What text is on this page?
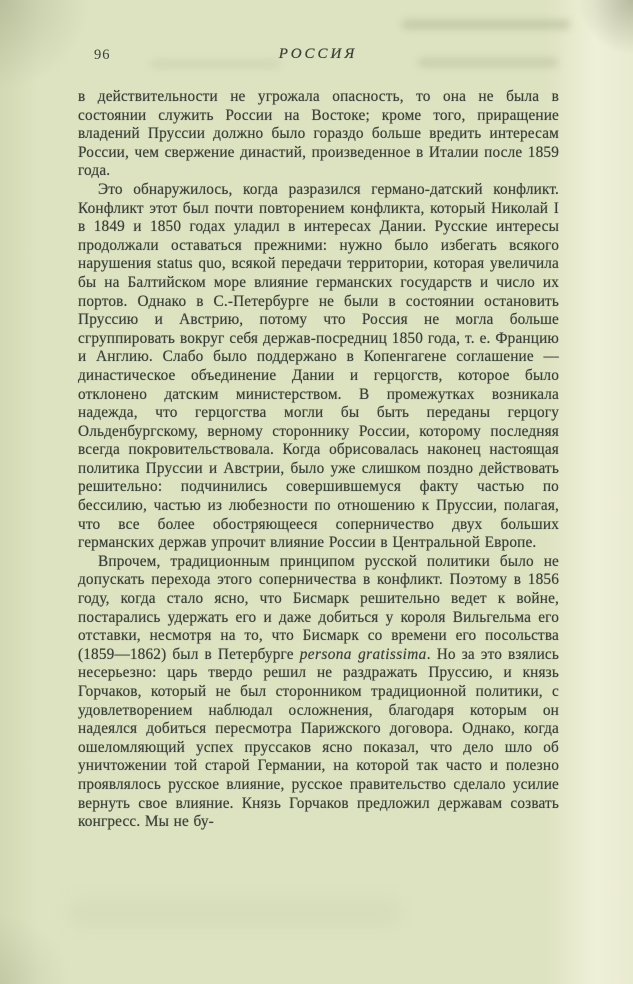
96	РОССИЯ

в действительности не угрожала опасность, то она не была в состоянии служить России на Востоке; кроме того, приращение владений Пруссии должно было гораздо больше вредить интересам России, чем свержение династий, произведенное в Италии после 1859 года.

Это обнаружилось, когда разразился германо-датский конфликт. Конфликт этот был почти повторением конфликта, который Николай I в 1849 и 1850 годах уладил в интересах Дании. Русские интересы продолжали оставаться прежними: нужно было избегать всякого нарушения status quo, всякой передачи территории, которая увеличила бы на Балтийском море влияние германских государств и число их портов. Однако в С.-Петербурге не были в состоянии остановить Пруссию и Австрию, потому что Россия не могла больше сгруппировать вокруг себя держав-посредниц 1850 года, т. е. Францию и Англию. Слабо было поддержано в Копенгагене соглашение — династическое объединение Дании и герцогств, которое было отклонено датским министерством. В промежутках возникала надежда, что герцогства могли бы быть переданы герцогу Ольденбургскому, верному стороннику России, которому последняя всегда покровительствовала. Когда обрисовалась наконец настоящая политика Пруссии и Австрии, было уже слишком поздно действовать решительно: подчинились совершившемуся факту частью по бессилию, частью из любезности по отношению к Пруссии, полагая, что все более обостряющееся соперничество двух больших германских держав упрочит влияние России в Центральной Европе.

Впрочем, традиционным принципом русской политики было не допускать перехода этого соперничества в конфликт. Поэтому в 1856 году, когда стало ясно, что Бисмарк решительно ведет к войне, постарались удержать его и даже добиться у короля Вильгельма его отставки, несмотря на то, что Бисмарк со времени его посольства (1859—1862) был в Петербурге persona gratissima. Но за это взялись несерьезно: царь твердо решил не раздражать Пруссию, и князь Горчаков, который не был сторонником традиционной политики, с удовлетворением наблюдал осложнения, благодаря которым он надеялся добиться пересмотра Парижского договора. Однако, когда ошеломляющий успех пруссаков ясно показал, что дело шло об уничтожении той старой Германии, на которой так часто и полезно проявлялось русское влияние, русское правительство сделало усилие вернуть свое влияние. Князь Горчаков предложил державам созвать конгресс. Мы не бу-
